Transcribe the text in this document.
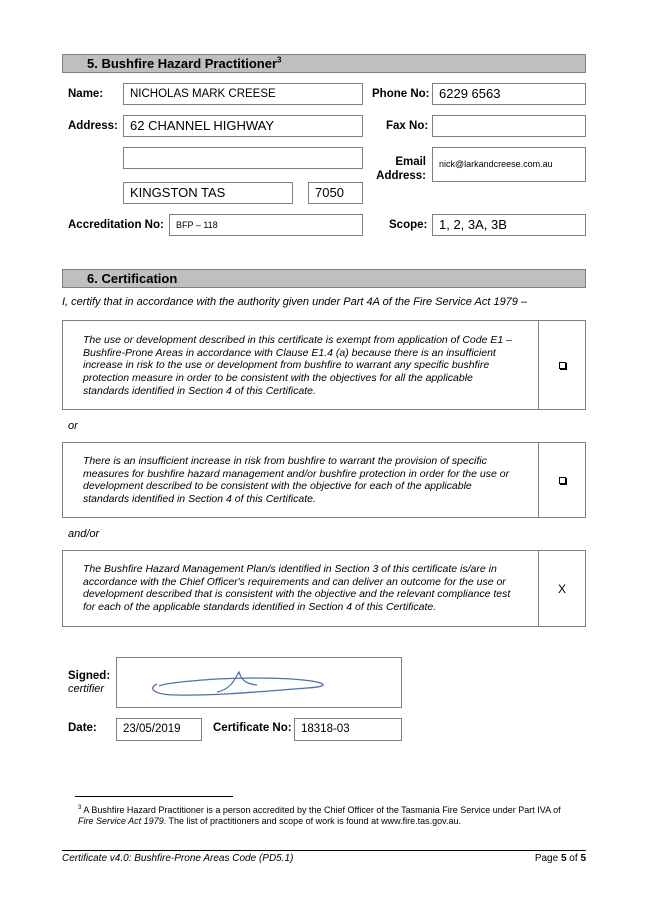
5. Bushfire Hazard Practitioner$^3$
Name:	NICHOLAS MARK CREESE	Phone No: 6229 6563
Address: 62 CHANNEL HIGHWAY	Fax No:
Email
Address:
nick@larkandcreese.com.au
KINGSTON TAS	7050
Accreditation No:	BFP – 118	Scope: 1, 2, 3A, 3B
6. Certification
I, certify that in accordance with the authority given under Part 4A of the Fire Service Act 1979 –
The use or development described in this certificate is exempt from application of Code E1 –
Bushfire-Prone Areas in accordance with Clause E1.4 (a) because there is an insufficient
increase in risk to the use or development from bushfire to warrant any specific bushfire
protection measure in order to be consistent with the objectives for all the applicable
standards identified in Section 4 of this Certificate.
or
There is an insufficient increase in risk from bushfire to warrant the provision of specific
measures for bushfire hazard management and/or bushfire protection in order for the use or
development described to be consistent with the objective for each of the applicable
standards identified in Section 4 of this Certificate.
and/or
The Bushfire Hazard Management Plan/s identified in Section 3 of this certificate is/are in
accordance with the Chief Officer's requirements and can deliver an outcome for the use or
development described that is consistent with the objective and the relevant compliance test
for each of the applicable standards identified in Section 4 of this Certificate.
X
Signed:
certifier
Date:	23/05/2019	Certificate No: 18318-03
$^3$ A Bushfire Hazard Practitioner is a person accredited by the Chief Officer of the Tasmania Fire Service under Part IVA of Fire Service Act 1979. The list of practitioners and scope of work is found at www.fire.tas.gov.au.
Certificate v4.0: Bushfire-Prone Areas Code (PD5.1)	Page 5 of 5
